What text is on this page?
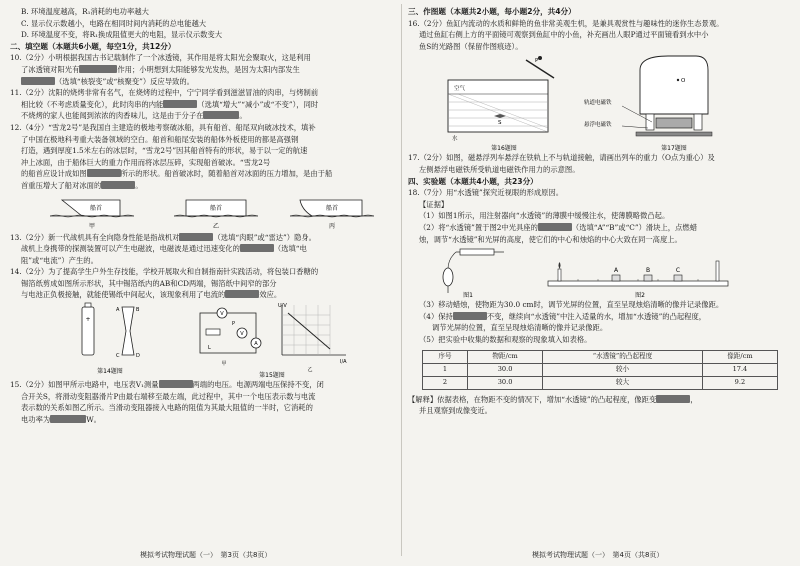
B. 环境温度越高，R₁消耗的电功率越大

C. 显示仪示数越小，电路在相同时间内消耗的总电能越大

D. 环境温度不变，将R₁换成阻值更大的电阻，显示仪示数变大

二、填空题（本题共6小题，每空1分，共12分）

10.（2分）小明根据我国古书记载制作了一个冰透镜，其作用是将太阳光会聚取火，这是利用
了冰透镜对阳光有	作用；小明想到太阳能够发光发热，是因为太阳内部发生
（选填“核裂变”或“核聚变”）反应导致的。

11.（2分）沈阳的烧烤非常有名气，在烧烤的过程中，宁宁同学看到滋滋冒油的肉串，与烤制前
相比较（不考虑质量变化），此时肉串的内能	（选填“增大”“减小”或“不变”），同时
不烧烤的家人也能闻到浓浓的肉香味儿，这是由于分子在	。

12.（4分）“雪龙2号”是我国自主建造的极地考察破冰船，具有船首、船尾双向破冰技术，填补
了中国在极地科考重大装备领域的空白。船首和船尾安装的船体外板使用的都是高强钢
打造，遇到厚度1.5米左右的冰层时，“雪龙2号”因其船首特有的形状，易于以一定的航速
冲上冰面，由于船体巨大的重力作用而将冰层压碎，实现船首破冰。“雪龙2号
的船首应设计成如图	所示的形状。船首破冰时，随着船首对冰面的压力增加，是由于船
首重压增大了船对冰面的	。

船首	船首	船首
甲	乙	丙

13.（2分）新一代战机具有全向隐身性能是指战机对	（选填“肉眼”或“雷达”）隐身。
战机上身携带的探测装置可以产生电磁波，电磁波是通过迅速变化的	（选填“电
阻”或“电流”）产生的。

14.（2分）为了提高学生户外生存技能，学校开展取火和自制指南针实践活动，将包装口香糖的
锡箔纸剪成如图所示形状，其中锡箔纸内的AB和CD两端，锡箔纸中间窄的部分
与电池正负极接触，就能使锡纸中间起火，该现象利用了电流的	效应。

+
A	B
C	D
V
V
A
L
P
甲
U/V
I/A
乙
第14题图
第15题图

15.（2分）如图甲所示电路中，电压表V₁测量	两端的电压。电源两端电压保持不变，闭
合开关S，将滑动变阻器滑片P由最右端移至最左端，此过程中，其中一个电压表示数与电流
表示数的关系如图乙所示。当滑动变阻器接入电路的阻值为其最大阻值的一半时，它消耗的
电功率为	W。

模拟考试物理试题（一）　第3页（共8页）

三、作图题（本题共2小题，每小题2分，共4分）

16.（2分）鱼缸内流动的水质和鲜艳的鱼非常美观生机，是兼具观赏性与趣味性的迷你生态景观。
通过鱼缸右侧上方的平面镜可观察到鱼缸中的小鱼，补充画出人眼P通过平面镜看到水中小
鱼S的光路图（保留作图痕迹）。

空气
水
P
S
第16题图
O
轨道电磁铁
悬浮电磁铁
第17题图

17.（2分）如图，磁悬浮列车悬浮在铁轨上不与轨道接触，请画出列车的重力（O点为重心）及
左侧悬浮电磁铁所受轨道电磁铁作用力的示意图。

四、实验题（本题共4小题，共23分）

18.（7分）用“水透镜”探究近视眼的形成原因。
【证据】
（1）如图1所示，用注射器向“水透镜”的薄膜中缓慢注水，使薄膜略微凸起。
（2）将“水透镜”置于图2中光具座的	（选填“A”“B”或“C”）滑块上，点燃蜡
烛，调节“水透镜”和光屏的高度，使它们的中心和烛焰的中心大致在同一高度上。

图1
A	B	C
图2

（3）移动蜡烛，使物距为30.0 cm时，调节光屏的位置，直至呈现烛焰清晰的像并记录像距。
（4）保持	不变，继续向“水透镜”中注入适量的水，增加“水透镜”的凸起程度，
调节光屏的位置，直至呈现烛焰清晰的像并记录像距。
（5）把实验中收集的数据和观察的现象填入如表格。

序号	物距/cm	“水透镜”的凸起程度	像距/cm
1	30.0	较小	17.4
2	30.0	较大	9.2

【解释】依据表格，在物距不变的情况下，增加“水透镜”的凸起程度，像距变	，
并且观察到成像变近。

模拟考试物理试题（一）　第4页（共8页）
